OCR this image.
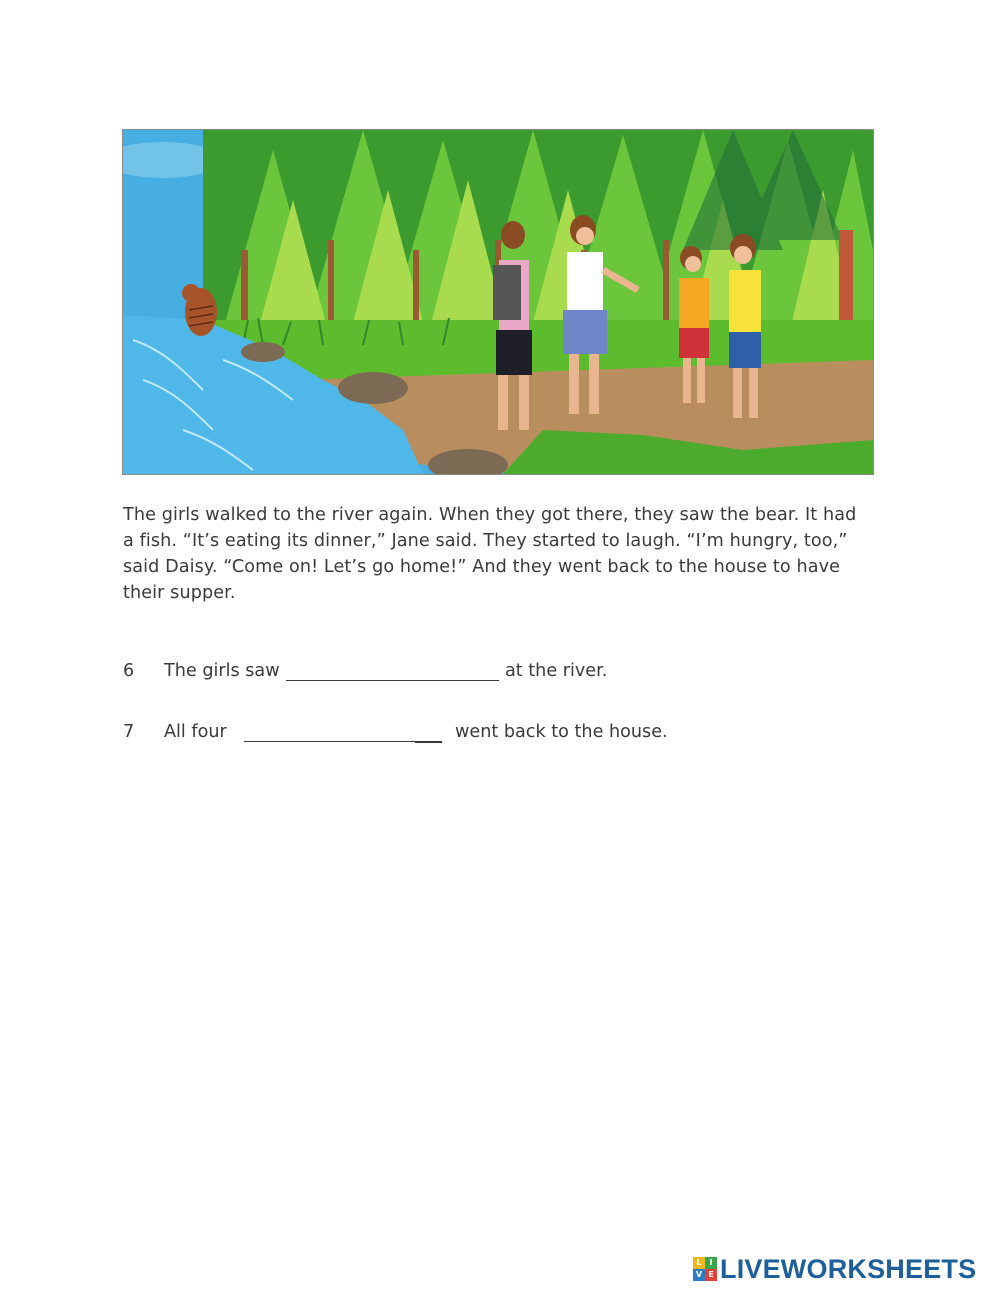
The girls walked to the river again. When they got there, they saw the bear. It had

a fish. “It’s eating its dinner,” Jane said. They started to laugh. “I’m hungry, too,”

said Daisy. “Come on! Let’s go home!” And they went back to the house to have

their supper.

6 The girls saw	at the river.
7 All four	went back to the house.
L I
V E LIVEWORKSHEETS
